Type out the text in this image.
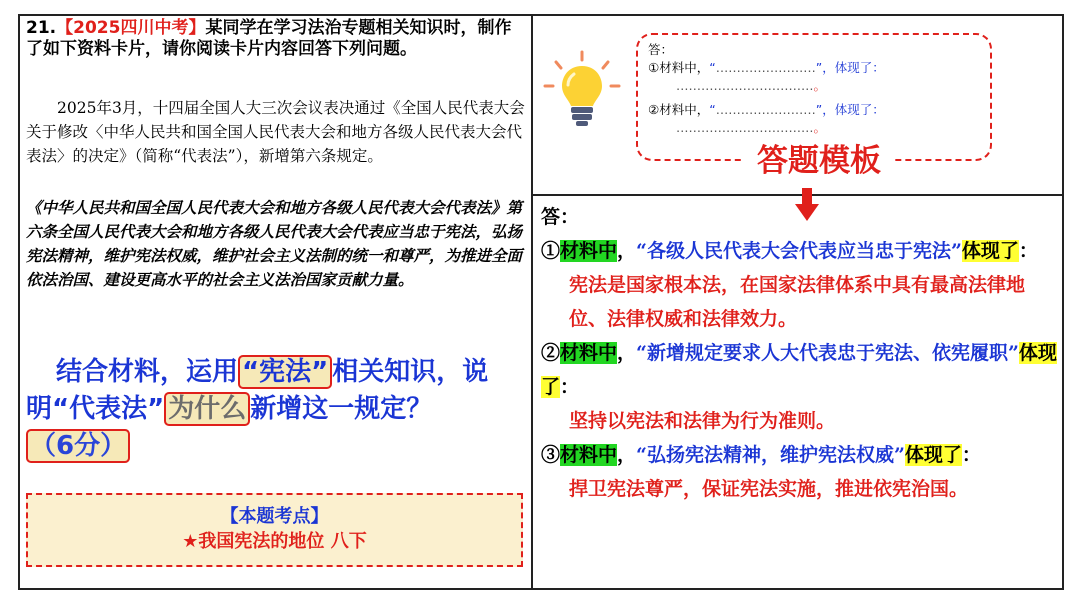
21.【2025四川中考】某同学在学习法治专题相关知识时，制作了如下资料卡片，请你阅读卡片内容回答下列问题。
2025年3月，十四届全国人大三次会议表决通过《全国人民代表大会关于修改〈中华人民共和国全国人民代表大会和地方各级人民代表大会代表法〉的决定》（简称“代表法”），新增第六条规定。
《中华人民共和国全国人民代表大会和地方各级人民代表大会代表法》第六条全国人民代表大会和地方各级人民代表大会代表应当忠于宪法，弘扬宪法精神，维护宪法权威，维护社会主义法制的统一和尊严，为推进全面依法治国、建设更高水平的社会主义法治国家贡献力量。
结合材料，运用 “宪法” 相关知识，说明“代表法” 为什么 新增这一规定？（6分）
【本题考点】
★我国宪法的地位 八下
答：
①材料中，“……………………”，体现了：
……………………………。
②材料中，“……………………”，体现了：
……………………………。
答题模板

答：

①材料中，“各级人民代表大会代表应当忠于宪法”体现了：

宪法是国家根本法，在国家法律体系中具有最高法律地位、法律权威和法律效力。

②材料中，“新增规定要求人大代表忠于宪法、依宪履职”体现了：

坚持以宪法和法律为行为准则。

③材料中，“弘扬宪法精神，维护宪法权威”体现了：

捍卫宪法尊严，保证宪法实施，推进依宪治国。
